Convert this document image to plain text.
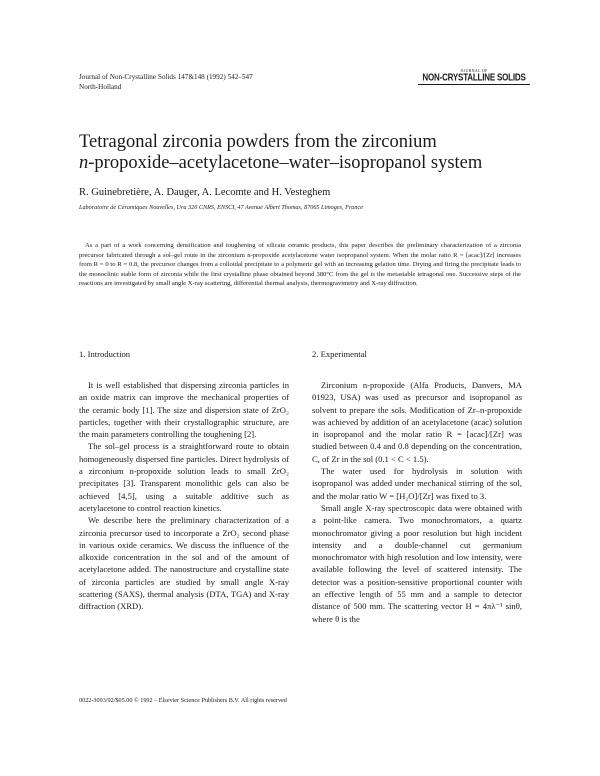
Journal of Non-Crystalline Solids 147&148 (1992) 542–547
North-Holland
JOURNAL OF
NON-CRYSTALLINE SOLIDS
Tetragonal zirconia powders from the zirconium
n-propoxide–acetylacetone–water–isopropanol system
R. Guinebretière, A. Dauger, A. Lecomte and H. Vesteghem
Laboratoire de Céramiques Nouvelles, Ura 320 CNRS, ENSCI, 47 Avenue Albert Thomas, 87065 Limoges, France
As a part of a work concerning densification and toughening of silicate ceramic products, this paper describes the preliminary characterization of a zirconia precursor fabricated through a sol–gel route in the zirconium n-propoxide acetylacetone water isopropanol system. When the molar ratio R = [acac]/[Zr] increases from R = 0 to R = 0.8, the precursor changes from a colloidal precipitate to a polymeric gel with an increasing gelation time. Drying and firing the precipitate leads to the monoclinic stable form of zirconia while the first crystalline phase obtained beyond 380°C from the gel is the metastable tetragonal one. Successive steps of the reactions are investigated by small angle X-ray scattering, differential thermal analysis, thermogravimetry and X-ray diffraction.
1. Introduction

It is well established that dispersing zirconia particles in an oxide matrix can improve the mechanical properties of the ceramic body [1]. The size and dispersion state of ZrO₂ particles, together with their crystallographic structure, are the main parameters controlling the toughening [2].

The sol–gel process is a straightforward route to obtain homogeneously dispersed fine particles. Direct hydrolysis of a zirconium n-propoxide solution leads to small ZrO₂ precipitates [3]. Transparent monolithic gels can also be achieved [4,5], using a suitable additive such as acetylacetone to control reaction kinetics.

We describe here the preliminary characterization of a zirconia precursor used to incorporate a ZrO₂ second phase in various oxide ceramics. We discuss the influence of the alkoxide concentration in the sol and of the amount of acetylacetone added. The nanostructure and crystalline state of zirconia particles are studied by small angle X-ray scattering (SAXS), thermal analysis (DTA, TGA) and X-ray diffraction (XRD).

2. Experimental

Zirconium n-propoxide (Alfa Products, Danvers, MA 01923, USA) was used as precursor and isopropanol as solvent to prepare the sols. Modification of Zr–n-propoxide was achieved by addition of an acetylacetone (acac) solution in isopropanol and the molar ratio R = [acac]/[Zr] was studied between 0.4 and 0.8 depending on the concentration, C, of Zr in the sol (0.1 < C < 1.5).

The water used for hydrolysis in solution with isopropanol was added under mechanical stirring of the sol, and the molar ratio W = [H₂O]/[Zr] was fixed to 3.

Small angle X-ray spectroscopic data were obtained with a point-like camera. Two monochromators, a quartz monochromator giving a poor resolution but high incident intensity and a double-channel cut germanium monochromator with high resolution and low intensity, were available following the level of scattered intensity. The detector was a position-sensitive proportional counter with an effective length of 55 mm and a sample to detector distance of 500 mm. The scattering vector H = 4πλ⁻¹ sinθ, where θ is the

0022-3093/92/$05.00 © 1992 – Elsevier Science Publishers B.V. All rights reserved
